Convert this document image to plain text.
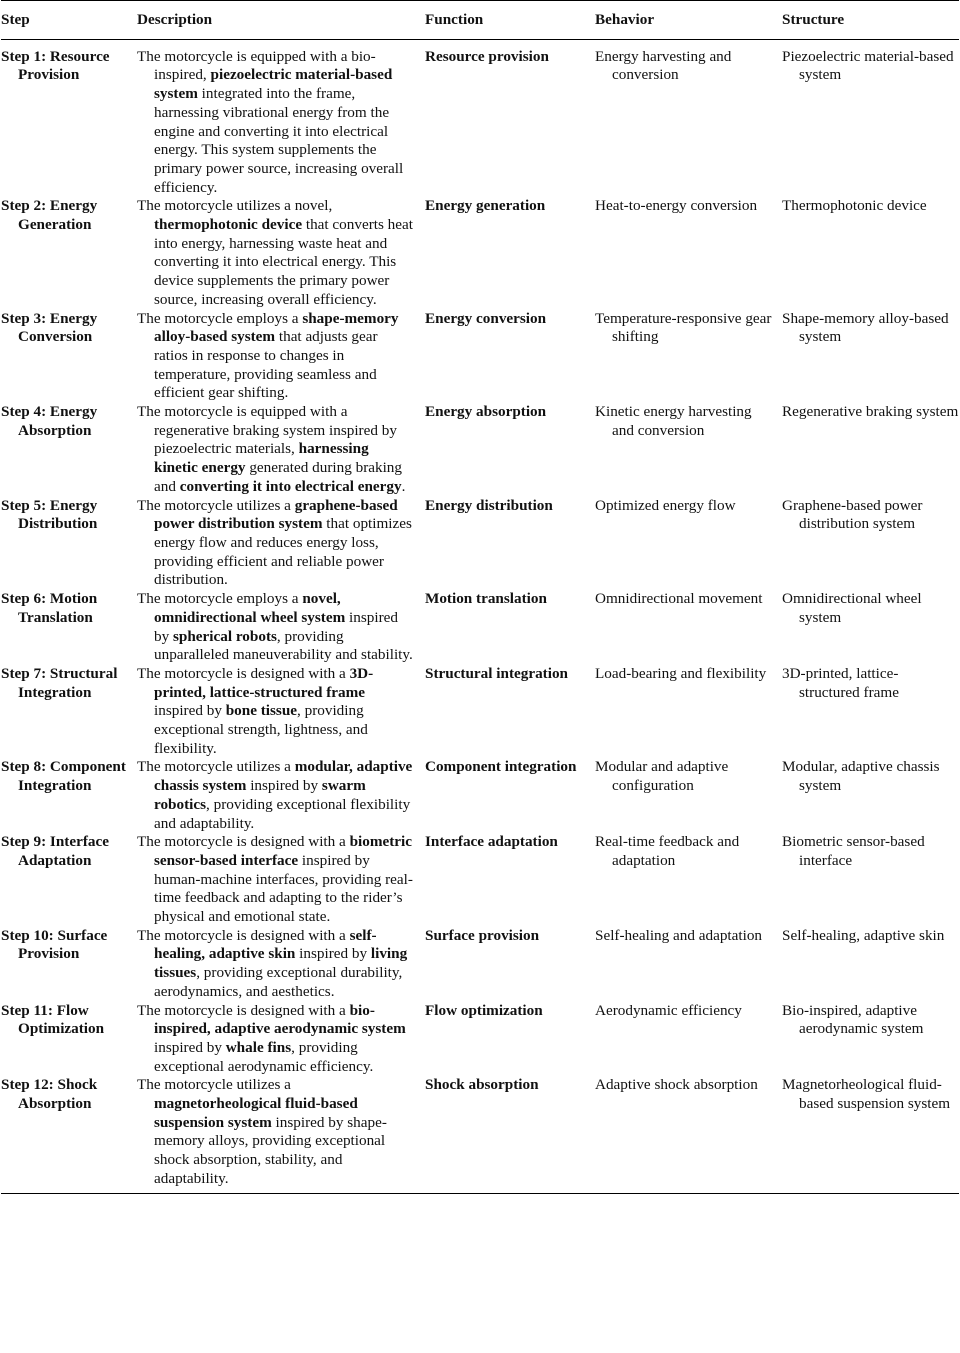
Step	Description	Function	Behavior	Structure

Step 1: Resource Provision	The motorcycle is equipped with a bio-inspired, piezoelectric material-based system integrated into the frame, harnessing vibrational energy from the engine and converting it into electrical energy. This system supplements the primary power source, increasing overall efficiency.	Resource provision	Energy harvesting and conversion	Piezoelectric material-based system

Step 2: Energy Generation	The motorcycle utilizes a novel, thermophotonic device that converts heat into energy, harnessing waste heat and converting it into electrical energy. This device supplements the primary power source, increasing overall efficiency.	Energy generation	Heat-to-energy conversion	Thermophotonic device

Step 3: Energy Conversion	The motorcycle employs a shape-memory alloy-based system that adjusts gear ratios in response to changes in temperature, providing seamless and efficient gear shifting.	Energy conversion	Temperature-responsive gear shifting	Shape-memory alloy-based system

Step 4: Energy Absorption	The motorcycle is equipped with a regenerative braking system inspired by piezoelectric materials, harnessing kinetic energy generated during braking and converting it into electrical energy.	Energy absorption	Kinetic energy harvesting and conversion	Regenerative braking system

Step 5: Energy Distribution	The motorcycle utilizes a graphene-based power distribution system that optimizes energy flow and reduces energy loss, providing efficient and reliable power distribution.	Energy distribution	Optimized energy flow	Graphene-based power distribution system

Step 6: Motion Translation	The motorcycle employs a novel, omnidirectional wheel system inspired by spherical robots, providing unparalleled maneuverability and stability.	Motion translation	Omnidirectional movement	Omnidirectional wheel system

Step 7: Structural Integration	The motorcycle is designed with a 3D-printed, lattice-structured frame inspired by bone tissue, providing exceptional strength, lightness, and flexibility.	Structural integration	Load-bearing and flexibility	3D-printed, lattice-structured frame

Step 8: Component Integration	The motorcycle utilizes a modular, adaptive chassis system inspired by swarm robotics, providing exceptional flexibility and adaptability.	Component integration	Modular and adaptive configuration	Modular, adaptive chassis system

Step 9: Interface Adaptation	The motorcycle is designed with a biometric sensor-based interface inspired by human-machine interfaces, providing real-time feedback and adapting to the rider’s physical and emotional state.	Interface adaptation	Real-time feedback and adaptation	Biometric sensor-based interface

Step 10: Surface Provision	The motorcycle is designed with a self-healing, adaptive skin inspired by living tissues, providing exceptional durability, aerodynamics, and aesthetics.	Surface provision	Self-healing and adaptation	Self-healing, adaptive skin

Step 11: Flow Optimization	The motorcycle is designed with a bio-inspired, adaptive aerodynamic system inspired by whale fins, providing exceptional aerodynamic efficiency.	Flow optimization	Aerodynamic efficiency	Bio-inspired, adaptive aerodynamic system

Step 12: Shock Absorption	The motorcycle utilizes a magnetorheological fluid-based suspension system inspired by shape-memory alloys, providing exceptional shock absorption, stability, and adaptability.	Shock absorption	Adaptive shock absorption	Magnetorheological fluid-based suspension system
